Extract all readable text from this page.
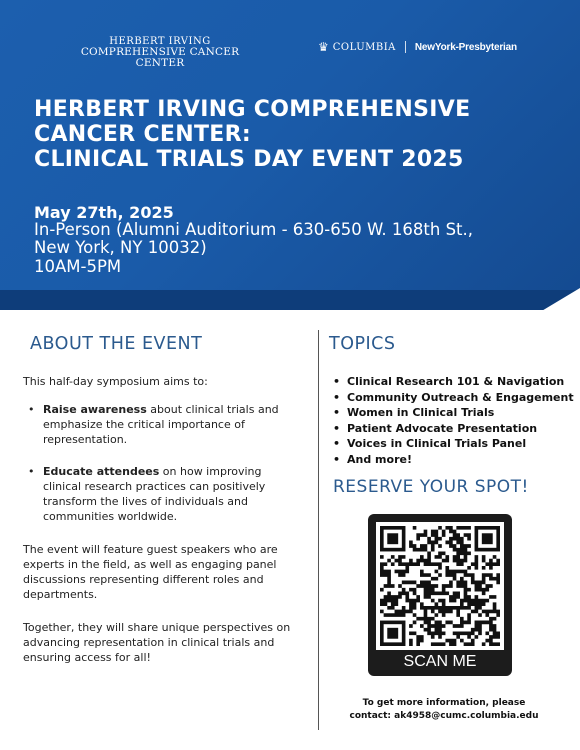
HERBERT IRVING
COMPREHENSIVE CANCER CENTER
♛ COLUMBIA NewYork-Presbyterian
HERBERT IRVING COMPREHENSIVE
CANCER CENTER:
CLINICAL TRIALS DAY EVENT 2025
May 27th, 2025
In-Person (Alumni Auditorium - 630-650 W. 168th St., New York, NY 10032)
10AM-5PM
ABOUT THE EVENT
This half-day symposium aims to:
• Raise awareness about clinical trials and emphasize the critical importance of representation.
• Educate attendees on how improving clinical research practices can positively transform the lives of individuals and communities worldwide.
The event will feature guest speakers who are experts in the field, as well as engaging panel discussions representing different roles and departments.
Together, they will share unique perspectives on advancing representation in clinical trials and ensuring access for all!
TOPICS
• Clinical Research 101 & Navigation
• Community Outreach & Engagement
• Women in Clinical Trials
• Patient Advocate Presentation
• Voices in Clinical Trials Panel
• And more!
RESERVE YOUR SPOT!
SCAN ME
To get more information, please
contact: ak4958@cumc.columbia.edu
